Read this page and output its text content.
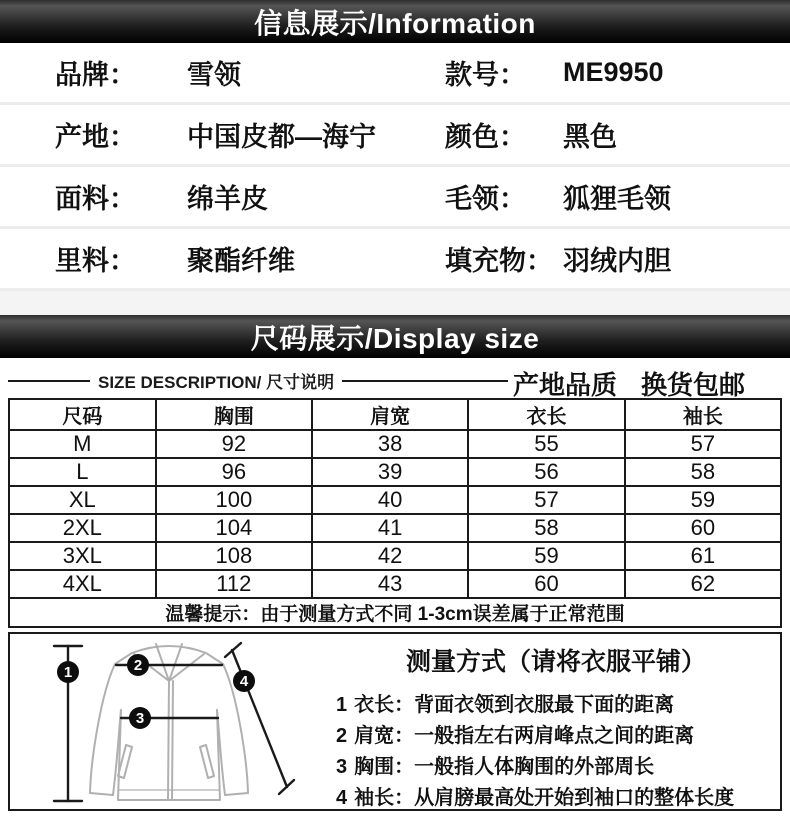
信息展示/Information
品牌：	雪领	款号：	ME9950
产地：	中国皮都—海宁	颜色：	黑色
面料：	绵羊皮	毛领：	狐狸毛领
里料：	聚酯纤维	填充物： 羽绒内胆
尺码展示/Display size
SIZE DESCRIPTION/ 尺寸说明	产地品质 换货包邮
尺码	胸围	肩宽	衣长	袖长
M	92	38	55	57
L	96	39	56	58
XL	100	40	57	59
2XL	104	41	58	60
3XL	108	42	59	61
4XL	112	43	60	62
温馨提示：由于测量方式不同 1-3cm误差属于正常范围				
1	2
3
4
测量方式（请将衣服平铺）
1 衣长：背面衣领到衣服最下面的距离
2 肩宽：一般指左右两肩峰点之间的距离
3 胸围：一般指人体胸围的外部周长
4 袖长：从肩膀最高处开始到袖口的整体长度
